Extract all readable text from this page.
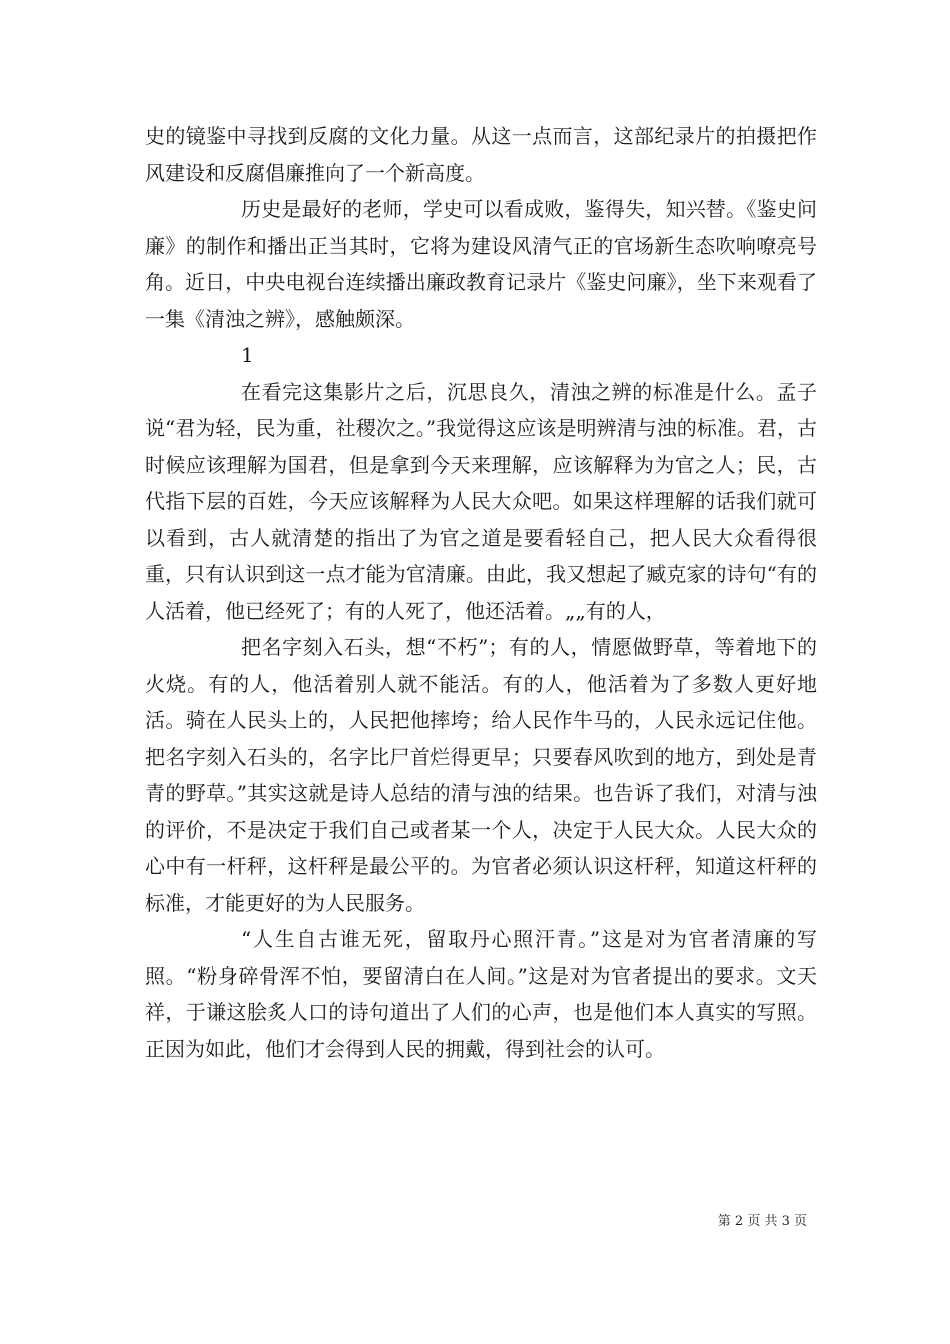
史的镜鉴中寻找到反腐的文化力量。从这一点而言，这部纪录片的拍摄把作风建设和反腐倡廉推向了一个新高度。

历史是最好的老师，学史可以看成败，鉴得失，知兴替。《鉴史问廉》的制作和播出正当其时，它将为建设风清气正的官场新生态吹响嘹亮号角。近日，中央电视台连续播出廉政教育记录片《鉴史问廉》，坐下来观看了一集《清浊之辨》，感触颇深。

1

在看完这集影片之后，沉思良久，清浊之辨的标准是什么。孟子说“君为轻，民为重，社稷次之。”我觉得这应该是明辨清与浊的标准。君，古时候应该理解为国君，但是拿到今天来理解，应该解释为为官之人；民，古代指下层的百姓，今天应该解释为人民大众吧。如果这样理解的话我们就可以看到，古人就清楚的指出了为官之道是要看轻自己，把人民大众看得很重，只有认识到这一点才能为官清廉。由此，我又想起了臧克家的诗句“有的人活着，他已经死了；有的人死了，他还活着。„„有的人，

把名字刻入石头，想“不朽”；有的人，情愿做野草，等着地下的火烧。有的人，他活着别人就不能活。有的人，他活着为了多数人更好地活。骑在人民头上的，人民把他摔垮；给人民作牛马的，人民永远记住他。把名字刻入石头的，名字比尸首烂得更早；只要春风吹到的地方，到处是青青的野草。”其实这就是诗人总结的清与浊的结果。也告诉了我们，对清与浊的评价，不是决定于我们自己或者某一个人，决定于人民大众。人民大众的心中有一杆秤，这杆秤是最公平的。为官者必须认识这杆秤，知道这杆秤的标准，才能更好的为人民服务。

“人生自古谁无死，留取丹心照汗青。”这是对为官者清廉的写照。“粉身碎骨浑不怕，要留清白在人间。”这是对为官者提出的要求。文天祥，于谦这脍炙人口的诗句道出了人们的心声，也是他们本人真实的写照。正因为如此，他们才会得到人民的拥戴，得到社会的认可。

第 2 页 共 3 页
